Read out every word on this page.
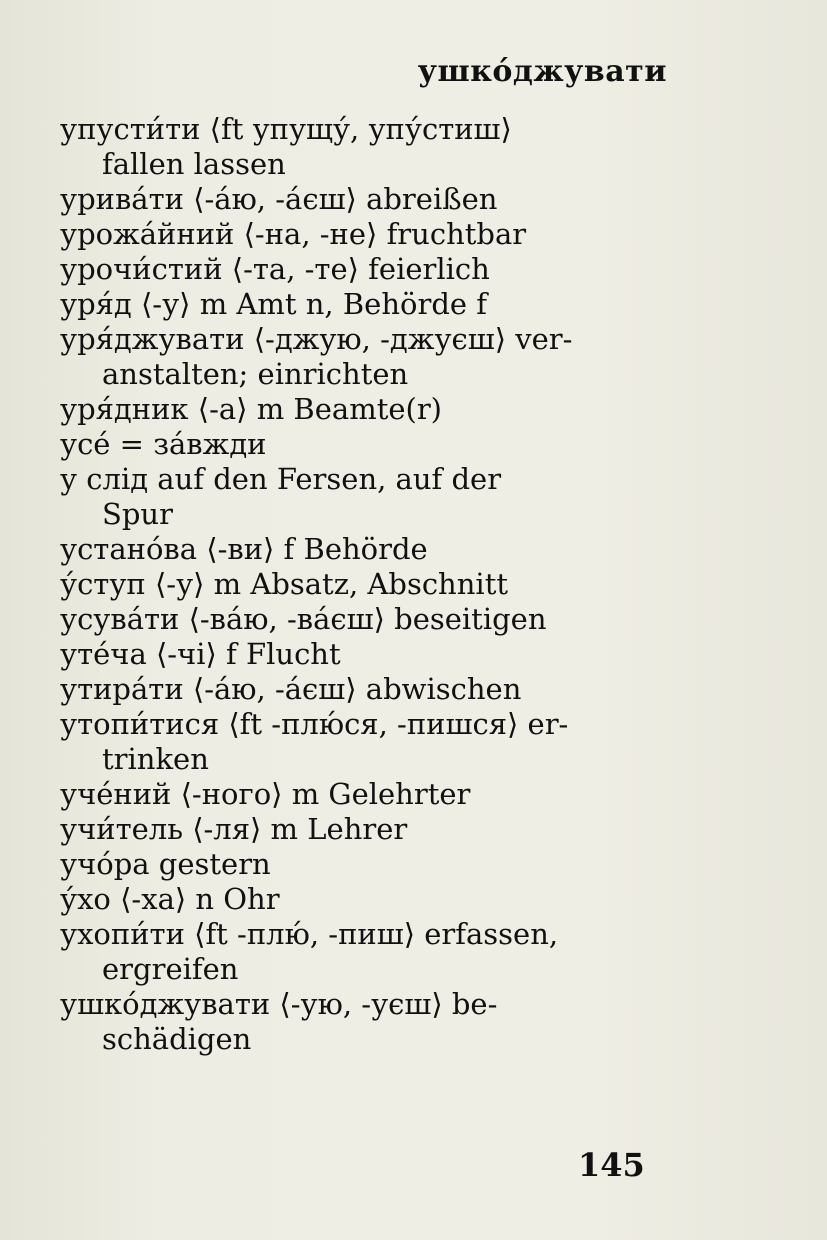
ушкóджувати
упусти́ти ⟨ft упущу́, упу́стиш⟩
fallen lassen
урива́ти ⟨-а́ю, -а́єш⟩ abreißen
урожа́йний ⟨-на, -не⟩ fruchtbar
урочи́стий ⟨-та, -те⟩ feierlich
уря́д ⟨-у⟩ m Amt n, Behörde f
уря́джувати ⟨-джую, -джуєш⟩ ver-
anstalten; einrichten
уря́дник ⟨-а⟩ m Beamte(r)
усе́ = за́вжди
у слід auf den Fersen, auf der
Spur
устано́ва ⟨-ви⟩ f Behörde
у́ступ ⟨-у⟩ m Absatz, Abschnitt
усува́ти ⟨-ва́ю, -ва́єш⟩ beseitigen
уте́ча ⟨-чі⟩ f Flucht
утира́ти ⟨-а́ю, -а́єш⟩ abwischen
утопи́тися ⟨ft -плю́ся, -пишся⟩ er-
trinken
уче́ний ⟨-ного⟩ m Gelehrter
учи́тель ⟨-ля⟩ m Lehrer
учо́ра gestern
у́хо ⟨-ха⟩ n Ohr
ухопи́ти ⟨ft -плю́, -пиш⟩ erfassen,
ergreifen
ушко́джувати ⟨-ую, -уєш⟩ be-
schädigen
145
